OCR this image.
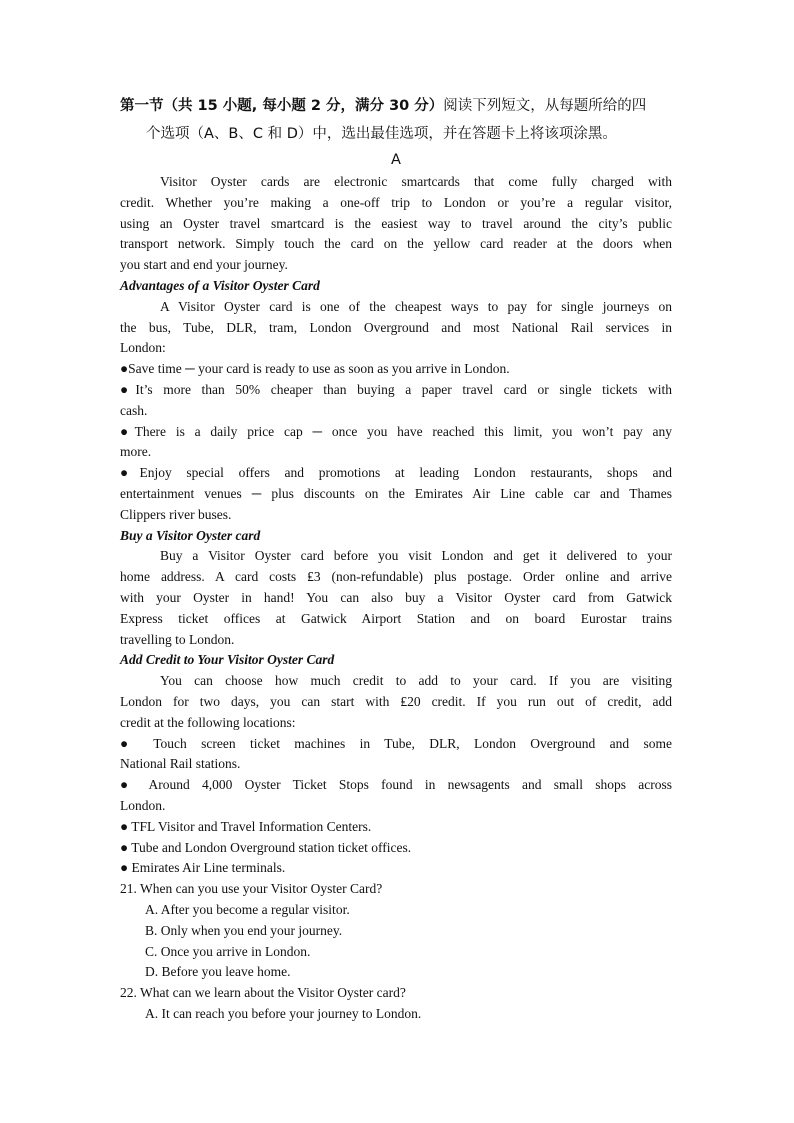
第一节（共 15 小题, 每小题 2 分，满分 30 分）阅读下列短文，从每题所给的四
个选项（A、B、C 和 D）中，选出最佳选项，并在答题卡上将该项涂黑。
A
Visitor Oyster cards are electronic smartcards that come fully charged with
credit. Whether you’re making a one-off trip to London or you’re a regular visitor,
using an Oyster travel smartcard is the easiest way to travel around the city’s public
transport network. Simply touch the card on the yellow card reader at the doors when
you start and end your journey.
Advantages of a Visitor Oyster Card
A Visitor Oyster card is one of the cheapest ways to pay for single journeys on
the bus, Tube, DLR, tram, London Overground and most National Rail services in
London:
●Save time ─ your card is ready to use as soon as you arrive in London.
●It’s more than 50% cheaper than buying a paper travel card or single tickets with
cash.
●There is a daily price cap ─ once you have reached this limit, you won’t pay any
more.
●Enjoy special offers and promotions at leading London restaurants, shops and
entertainment venues ─ plus discounts on the Emirates Air Line cable car and Thames
Clippers river buses.
Buy a Visitor Oyster card
Buy a Visitor Oyster card before you visit London and get it delivered to your
home address. A card costs ₤3 (non-refundable) plus postage. Order online and arrive
with your Oyster in hand! You can also buy a Visitor Oyster card from Gatwick
Express ticket offices at Gatwick Airport Station and on board Eurostar trains
travelling to London.
Add Credit to Your Visitor Oyster Card
You can choose how much credit to add to your card. If you are visiting
London for two days, you can start with ₤20 credit. If you run out of credit, add
credit at the following locations:
● Touch screen ticket machines in Tube, DLR, London Overground and some
National Rail stations.
● Around 4,000 Oyster Ticket Stops found in newsagents and small shops across
London.
● TFL Visitor and Travel Information Centers.
● Tube and London Overground station ticket offices.
● Emirates Air Line terminals.
21. When can you use your Visitor Oyster Card?
A. After you become a regular visitor.
B. Only when you end your journey.
C. Once you arrive in London.
D. Before you leave home.
22. What can we learn about the Visitor Oyster card?
A. It can reach you before your journey to London.
